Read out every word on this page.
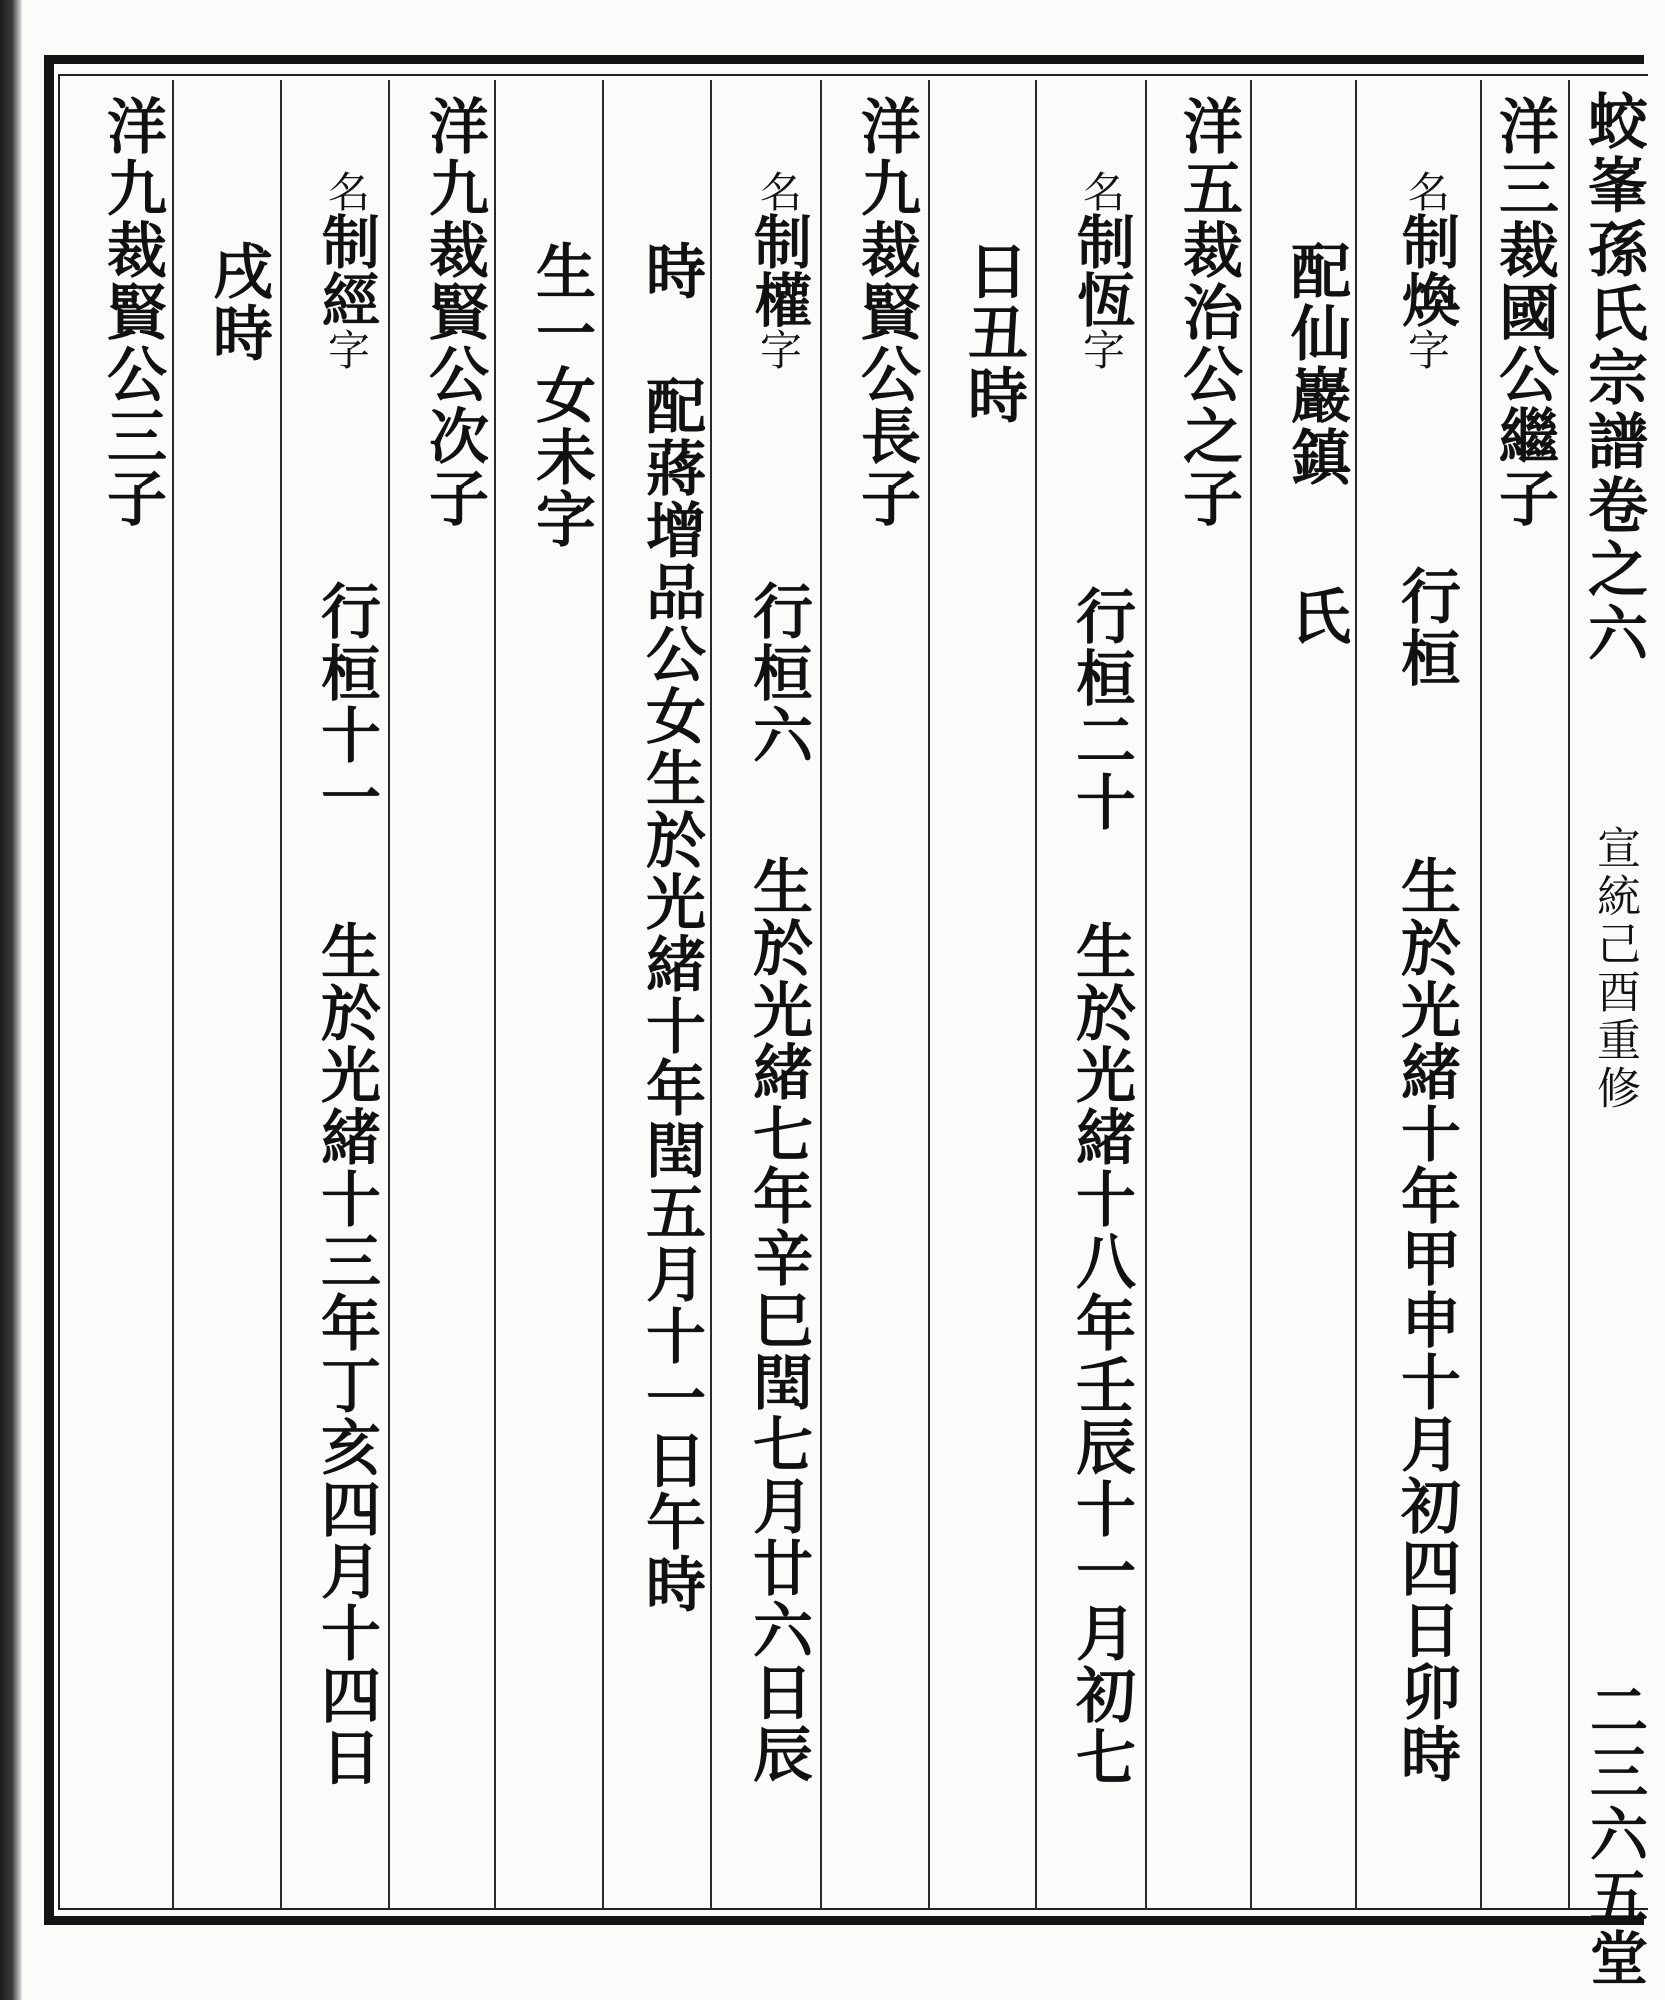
蛟峯孫氏宗譜卷之六
宣統己酉重修
二三六五堂
洋三裁國公繼子
名制煥字
行桓
生於光緒十年甲申十月初四日卯時
配仙巖鎮
氏
洋五裁治公之子
名制恆字
行桓二十
生於光緒十八年壬辰十一月初七
日丑時
洋九裁賢公長子
名制權字
行桓六
生於光緒七年辛巳閏七月廿六日辰
時
配蔣增品公女生於光緒十年閏五月十一日午時
生一女未字
洋九裁賢公次子
名制經字
行桓十一
生於光緒十三年丁亥四月十四日
戌時
洋九裁賢公三子
